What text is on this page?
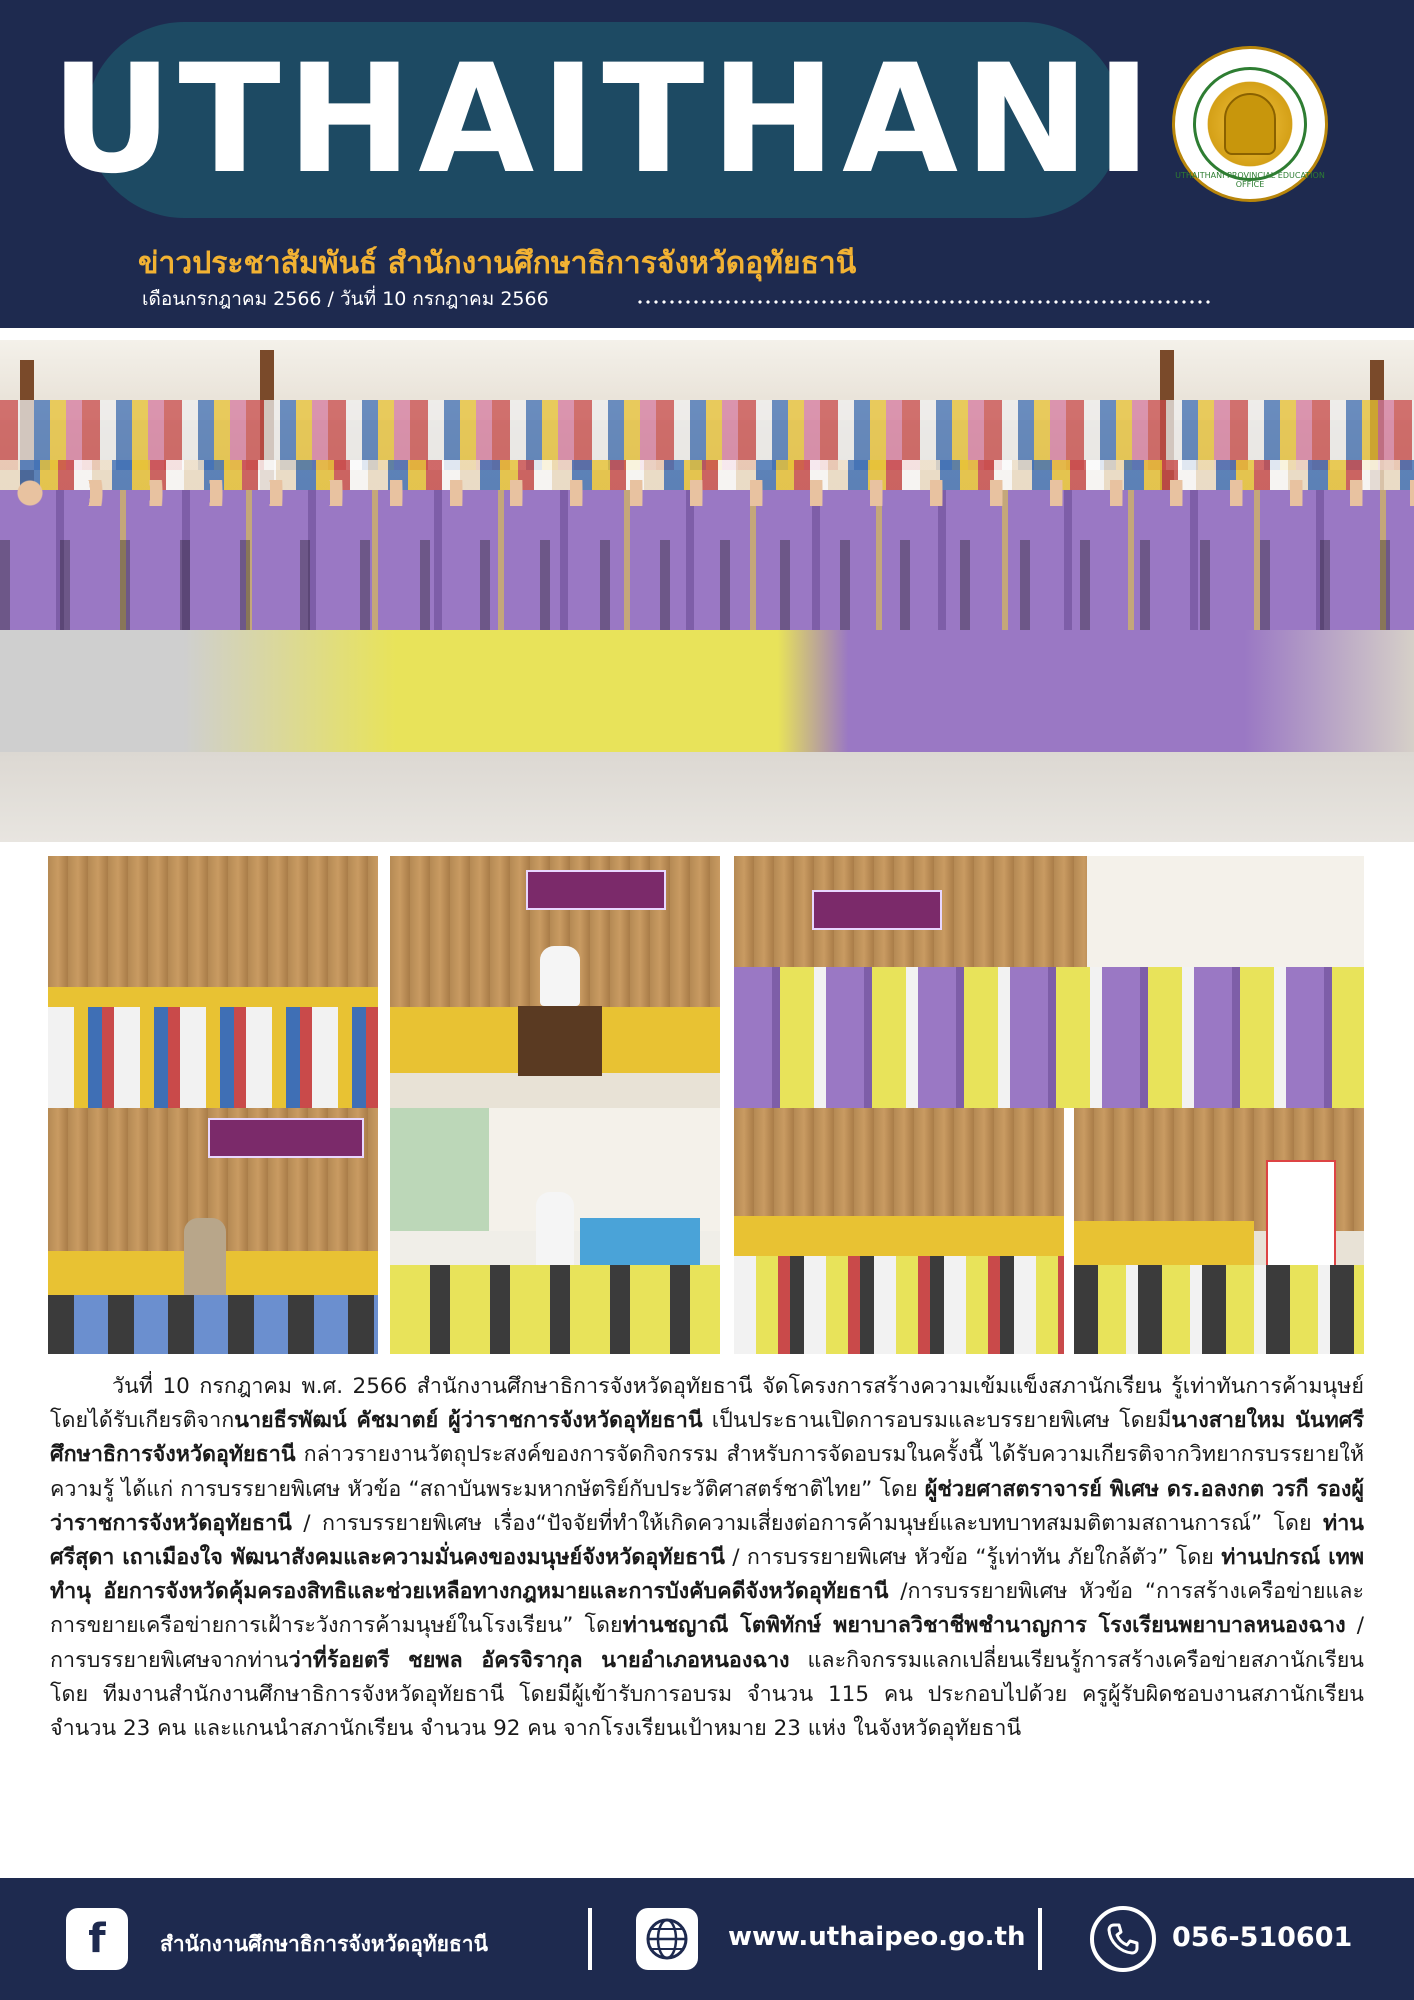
UTHAITHANI UTHAITHANI PROVINCIAL EDUCATION OFFICE
ข่าวประชาสัมพันธ์ สำนักงานศึกษาธิการจังหวัดอุทัยธานี
เดือนกรกฎาคม 2566 / วันที่ 10 กรกฎาคม 2566
วันที่ 10 กรกฎาคม พ.ศ. 2566 สำนักงานศึกษาธิการจังหวัดอุทัยธานี จัดโครงการสร้างความเข้มแข็งสภานักเรียน รู้เท่าทันการค้ามนุษย์ โดยได้รับเกียรติจากนายธีรพัฒน์ คัชมาตย์ ผู้ว่าราชการจังหวัดอุทัยธานี เป็นประธานเปิดการอบรมและบรรยายพิเศษ โดยมีนางสายใหม นันทศรี ศึกษาธิการจังหวัดอุทัยธานี กล่าวรายงานวัตถุประสงค์ของการจัดกิจกรรม สำหรับการจัดอบรมในครั้งนี้ ได้รับความเกียรติจากวิทยากรบรรยายให้ความรู้ ได้แก่ การบรรยายพิเศษ หัวข้อ “สถาบันพระมหากษัตริย์กับประวัติศาสตร์ชาติไทย” โดย ผู้ช่วยศาสตราจารย์ พิเศษ ดร.อลงกต วรกี รองผู้ว่าราชการจังหวัดอุทัยธานี / การบรรยายพิเศษ เรื่อง“ปัจจัยที่ทำให้เกิดความเสี่ยงต่อการค้ามนุษย์และบทบาทสมมติตามสถานการณ์” โดย ท่านศรีสุดา เถาเมืองใจ พัฒนาสังคมและความมั่นคงของมนุษย์จังหวัดอุทัยธานี / การบรรยายพิเศษ หัวข้อ “รู้เท่าทัน ภัยใกล้ตัว” โดย ท่านปกรณ์ เทพทำนุ อัยการจังหวัดคุ้มครองสิทธิและช่วยเหลือทางกฎหมายและการบังคับคดีจังหวัดอุทัยธานี /การบรรยายพิเศษ หัวข้อ “การสร้างเครือข่ายและการขยายเครือข่ายการเฝ้าระวังการค้ามนุษย์ในโรงเรียน” โดยท่านชญาณี โตพิทักษ์ พยาบาลวิชาชีพชำนาญการ โรงเรียนพยาบาลหนองฉาง /การบรรยายพิเศษจากท่านว่าที่ร้อยตรี ชยพล อัครจิรากุล นายอำเภอหนองฉาง และกิจกรรมแลกเปลี่ยนเรียนรู้การสร้างเครือข่ายสภานักเรียน โดย ทีมงานสำนักงานศึกษาธิการจังหวัดอุทัยธานี โดยมีผู้เข้ารับการอบรม จำนวน 115 คน ประกอบไปด้วย ครูผู้รับผิดชอบงานสภานักเรียน จำนวน 23 คน และแกนนำสภานักเรียน จำนวน 92 คน จากโรงเรียนเป้าหมาย 23 แห่ง ในจังหวัดอุทัยธานี
f	สำนักงานศึกษาธิการจังหวัดอุทัยธานี	www.uthaipeo.go.th	056-510601
